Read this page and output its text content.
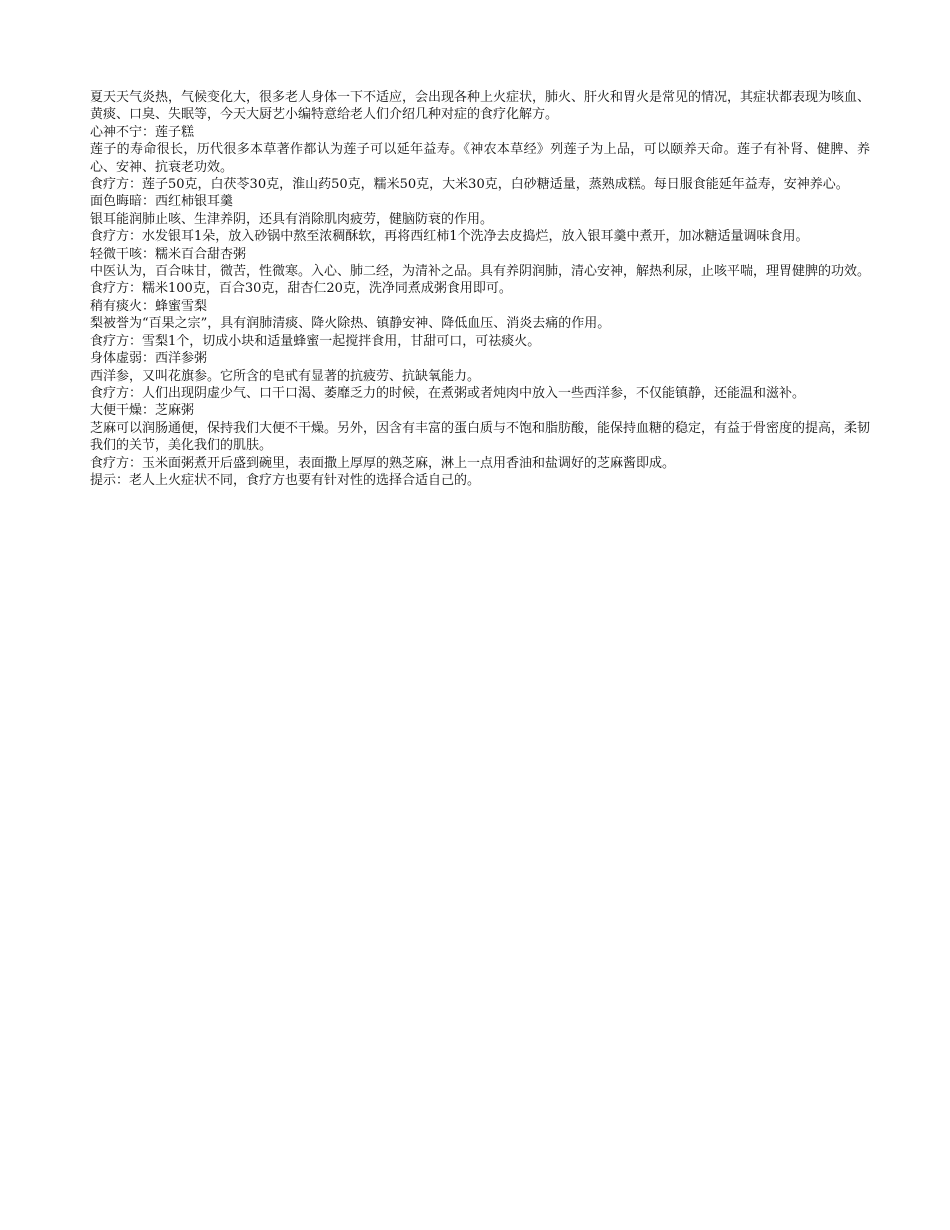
夏天天气炎热，气候变化大，很多老人身体一下不适应，会出现各种上火症状，肺火、肝火和胃火是常见的情况，其症状都表现为咳血、黄痰、口臭、失眠等，今天大厨艺小编特意给老人们介绍几种对症的食疗化解方。

心神不宁：莲子糕

莲子的寿命很长，历代很多本草著作都认为莲子可以延年益寿。《神农本草经》列莲子为上品，可以颐养天命。莲子有补肾、健脾、养心、安神、抗衰老功效。

食疗方：莲子50克，白茯苓30克，淮山药50克，糯米50克，大米30克，白砂糖适量，蒸熟成糕。每日服食能延年益寿，安神养心。

面色晦暗：西红柿银耳羹

银耳能润肺止咳、生津养阴，还具有消除肌肉疲劳，健脑防衰的作用。

食疗方：水发银耳1朵，放入砂锅中熬至浓稠酥软，再将西红柿1个洗净去皮捣烂，放入银耳羹中煮开，加冰糖适量调味食用。

轻微干咳：糯米百合甜杏粥

中医认为，百合味甘，微苦，性微寒。入心、肺二经，为清补之品。具有养阴润肺，清心安神，解热利尿，止咳平喘，理胃健脾的功效。

食疗方：糯米100克，百合30克，甜杏仁20克，洗净同煮成粥食用即可。

稍有痰火：蜂蜜雪梨

梨被誉为“百果之宗”，具有润肺清痰、降火除热、镇静安神、降低血压、消炎去痛的作用。

食疗方：雪梨1个，切成小块和适量蜂蜜一起搅拌食用，甘甜可口，可祛痰火。

身体虚弱：西洋参粥

西洋参，又叫花旗参。它所含的皂甙有显著的抗疲劳、抗缺氧能力。

食疗方：人们出现阴虚少气、口干口渴、萎靡乏力的时候，在煮粥或者炖肉中放入一些西洋参，不仅能镇静，还能温和滋补。

大便干燥：芝麻粥

芝麻可以润肠通便，保持我们大便不干燥。另外，因含有丰富的蛋白质与不饱和脂肪酸，能保持血糖的稳定，有益于骨密度的提高，柔韧我们的关节，美化我们的肌肤。

食疗方：玉米面粥煮开后盛到碗里，表面撒上厚厚的熟芝麻，淋上一点用香油和盐调好的芝麻酱即成。

提示：老人上火症状不同，食疗方也要有针对性的选择合适自己的。
